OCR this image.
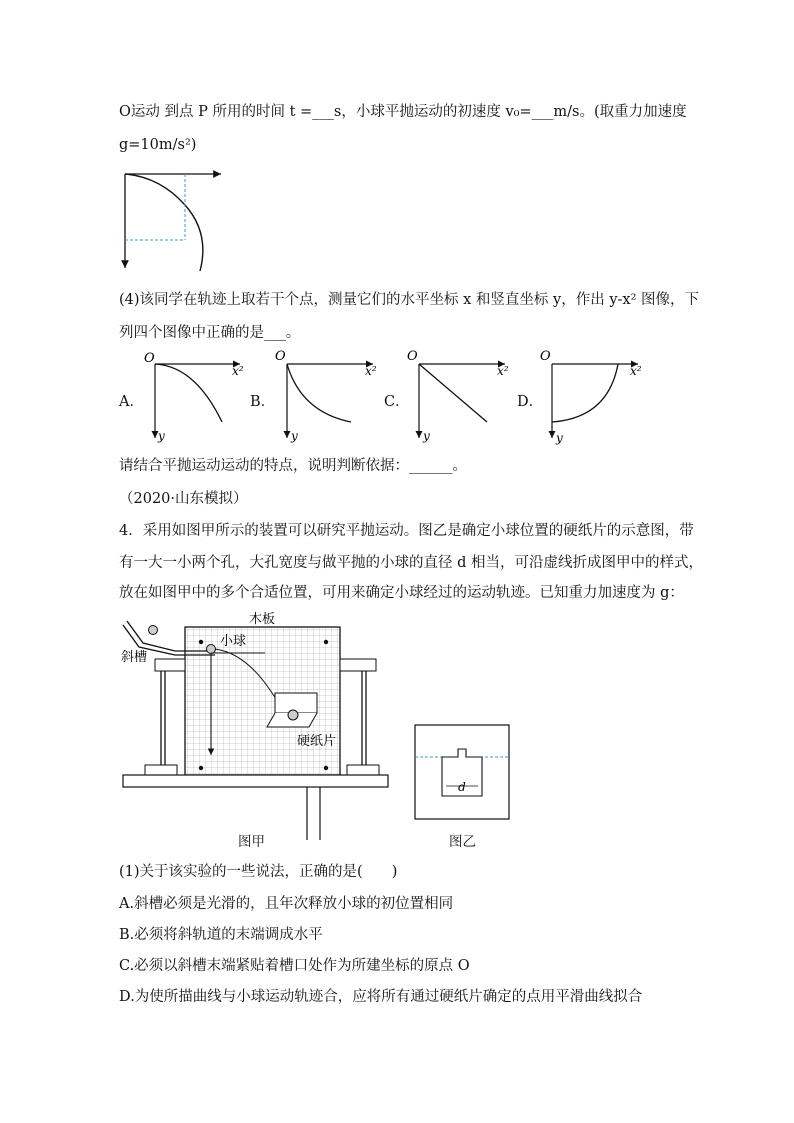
O运动 到点 P 所用的时间 t =___s，小球平抛运动的初速度 v₀=___m/s。(取重力加速度
g=10m/s²)
(4)该同学在轨迹上取若干个点，测量它们的水平坐标 x 和竖直坐标 y，作出 y-x² 图像，下
列四个图像中正确的是___。
A．	B．	C．	D．
O
x²
y
O
x²
y
O
x²
y
O
x²
y
请结合平抛运动运动的特点，说明判断依据：______。
（2020·山东模拟）
4．采用如图甲所示的装置可以研究平抛运动。图乙是确定小球位置的硬纸片的示意图，带
有一大一小两个孔，大孔宽度与做平抛的小球的直径 d 相当，可沿虚线折成图甲中的样式，
放在如图甲中的多个合适位置，可用来确定小球经过的运动轨迹。已知重力加速度为 g：
木板
斜槽
小球
硬纸片
d
图甲	图乙
(1)关于该实验的一些说法，正确的是(　　)
A.斜槽必须是光滑的，且年次释放小球的初位置相同
B.必须将斜轨道的末端调成水平
C.必须以斜槽末端紧贴着槽口处作为所建坐标的原点 O
D.为使所描曲线与小球运动轨迹合，应将所有通过硬纸片确定的点用平滑曲线拟合
